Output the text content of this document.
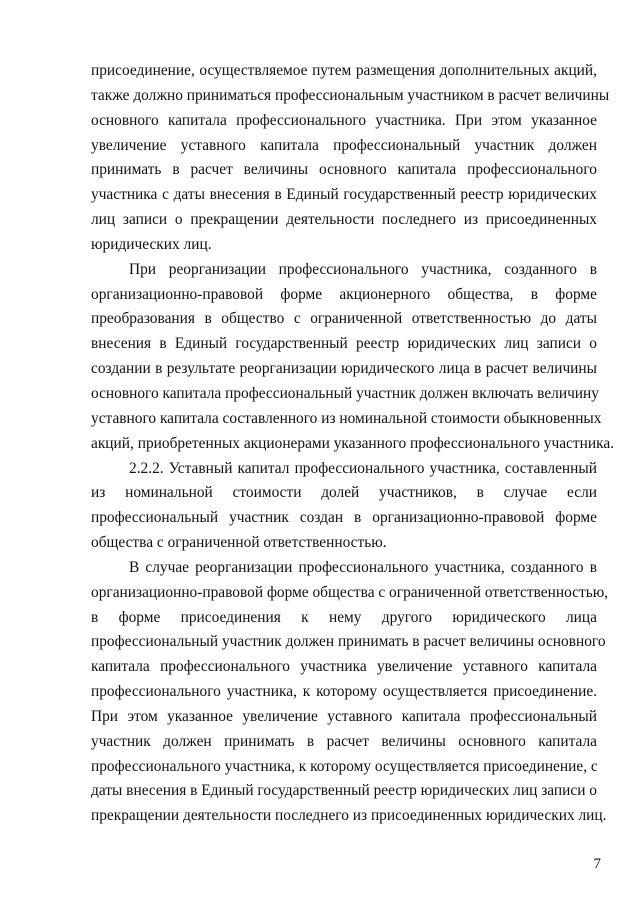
присоединение, осуществляемое путем размещения дополнительных акций,
также должно приниматься профессиональным участником в расчет величины
основного капитала профессионального участника. При этом указанное
увеличение уставного капитала профессиональный участник должен
принимать в расчет величины основного капитала профессионального
участника с даты внесения в Единый государственный реестр юридических
лиц записи о прекращении деятельности последнего из присоединенных
юридических лиц.
При реорганизации профессионального участника, созданного в
организационно-правовой форме акционерного общества, в форме
преобразования в общество с ограниченной ответственностью до даты
внесения в Единый государственный реестр юридических лиц записи о
создании в результате реорганизации юридического лица в расчет величины
основного капитала профессиональный участник должен включать величину
уставного капитала составленного из номинальной стоимости обыкновенных
акций, приобретенных акционерами указанного профессионального участника.
2.2.2. Уставный капитал профессионального участника, составленный
из номинальной стоимости долей участников, в случае если
профессиональный участник создан в организационно-правовой форме
общества с ограниченной ответственностью.
В случае реорганизации профессионального участника, созданного в
организационно-правовой форме общества с ограниченной ответственностью,
в форме присоединения к нему другого юридического лица
профессиональный участник должен принимать в расчет величины основного
капитала профессионального участника увеличение уставного капитала
профессионального участника, к которому осуществляется присоединение.
При этом указанное увеличение уставного капитала профессиональный
участник должен принимать в расчет величины основного капитала
профессионального участника, к которому осуществляется присоединение, с
даты внесения в Единый государственный реестр юридических лиц записи о
прекращении деятельности последнего из присоединенных юридических лиц.
7
